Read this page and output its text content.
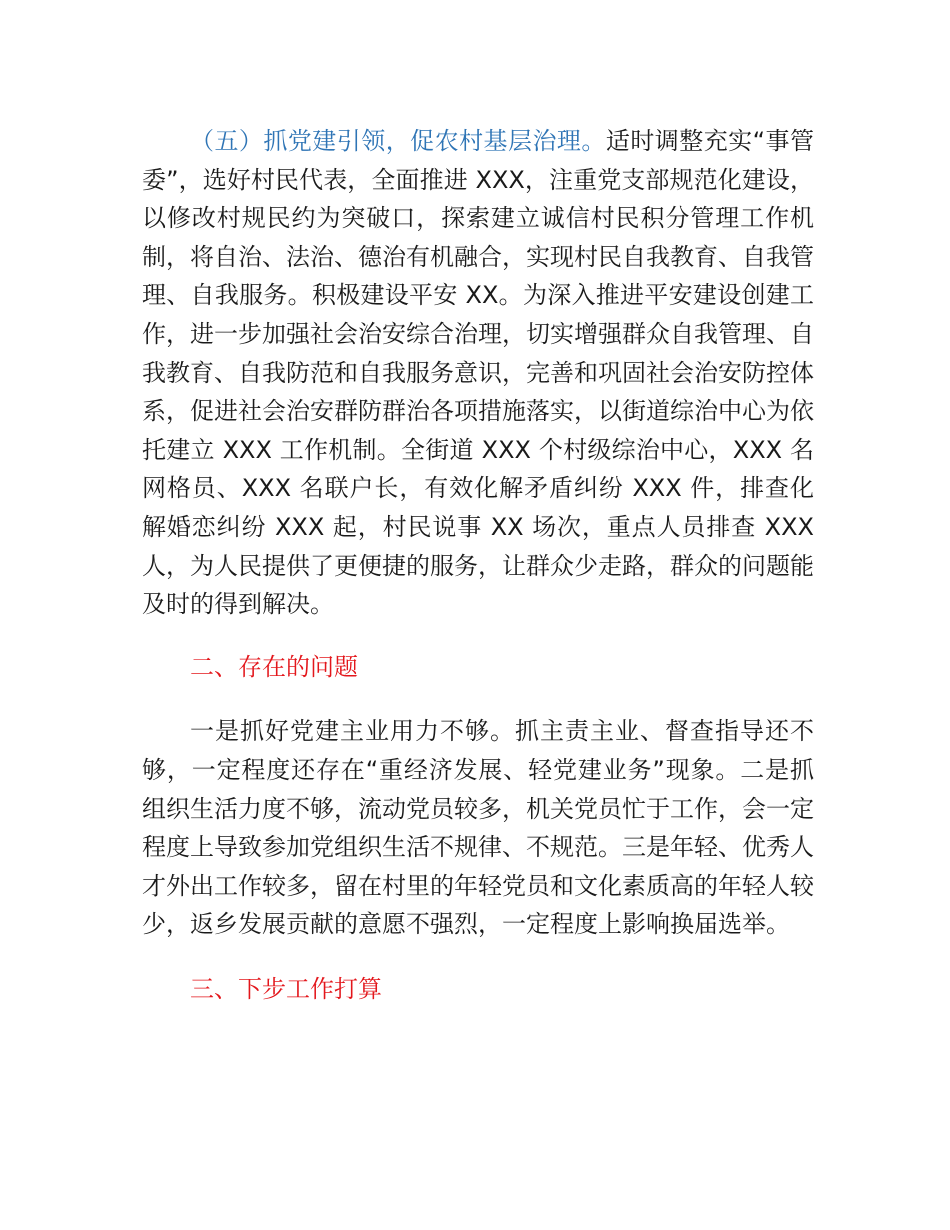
（五）抓党建引领，促农村基层治理。适时调整充实“事管委”，选好村民代表，全面推进 XXX，注重党支部规范化建设，以修改村规民约为突破口，探索建立诚信村民积分管理工作机制，将自治、法治、德治有机融合，实现村民自我教育、自我管理、自我服务。积极建设平安 XX。为深入推进平安建设创建工作，进一步加强社会治安综合治理，切实增强群众自我管理、自我教育、自我防范和自我服务意识，完善和巩固社会治安防控体系，促进社会治安群防群治各项措施落实，以街道综治中心为依托建立 XXX 工作机制。全街道 XXX 个村级综治中心，XXX 名网格员、XXX 名联户长，有效化解矛盾纠纷 XXX 件，排查化解婚恋纠纷 XXX 起，村民说事 XX 场次，重点人员排查 XXX 人，为人民提供了更便捷的服务，让群众少走路，群众的问题能及时的得到解决。

二、存在的问题

一是抓好党建主业用力不够。抓主责主业、督查指导还不够，一定程度还存在“重经济发展、轻党建业务”现象。二是抓组织生活力度不够，流动党员较多，机关党员忙于工作，会一定程度上导致参加党组织生活不规律、不规范。三是年轻、优秀人才外出工作较多，留在村里的年轻党员和文化素质高的年轻人较少，返乡发展贡献的意愿不强烈，一定程度上影响换届选举。

三、下步工作打算
